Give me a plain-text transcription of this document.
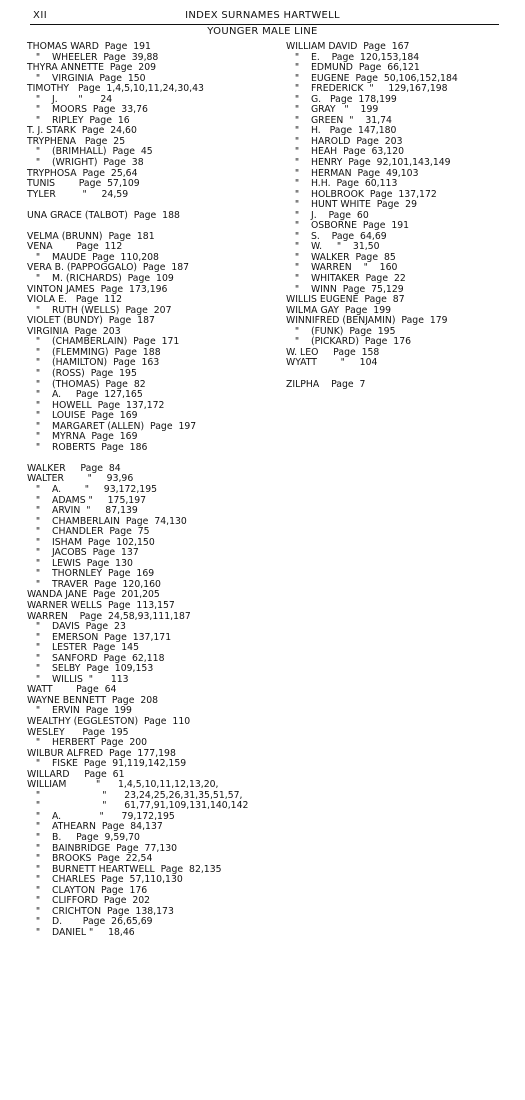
XII	INDEX SURNAMES HARTWELL
YOUNGER MALE LINE
THOMAS WARD  Page  191
"    WHEELER  Page  39,88
THYRA ANNETTE  Page  209
"    VIRGINIA  Page  150
TIMOTHY   Page  1,4,5,10,11,24,30,43
"    J.       "      24
"    MOORS  Page  33,76
"    RIPLEY  Page  16
T. J. STARK  Page  24,60
TRYPHENA   Page  25
"    (BRIMHALL)  Page  45
"    (WRIGHT)  Page  38
TRYPHOSA  Page  25,64
TUNIS        Page  57,109
TYLER         "     24,59
UNA GRACE (TALBOT)  Page  188
VELMA (BRUNN)  Page  181
VENA        Page  112
"    MAUDE  Page  110,208
VERA B. (PAPPOGGALO)  Page  187
"    M. (RICHARDS)  Page  109
VINTON JAMES  Page  173,196
VIOLA E.   Page  112
"    RUTH (WELLS)  Page  207
VIOLET (BUNDY)  Page  187
VIRGINIA  Page  203
"    (CHAMBERLAIN)  Page  171
"    (FLEMMING)  Page  188
"    (HAMILTON)  Page  163
"    (ROSS)  Page  195
"    (THOMAS)  Page  82
"    A.     Page  127,165
"    HOWELL  Page  137,172
"    LOUISE  Page  169
"    MARGARET (ALLEN)  Page  197
"    MYRNA  Page  169
"    ROBERTS  Page  186
WALKER     Page  84
WALTER        "     93,96
"    A.        "     93,172,195
"    ADAMS "     175,197
"    ARVIN  "     87,139
"    CHAMBERLAIN  Page  74,130
"    CHANDLER  Page  75
"    ISHAM  Page  102,150
"    JACOBS  Page  137
"    LEWIS  Page  130
"    THORNLEY  Page  169
"    TRAVER  Page  120,160
WANDA JANE  Page  201,205
WARNER WELLS  Page  113,157
WARREN    Page  24,58,93,111,187
"    DAVIS  Page  23
"    EMERSON  Page  137,171
"    LESTER  Page  145
"    SANFORD  Page  62,118
"    SELBY  Page  109,153
"    WILLIS  "      113
WATT        Page  64
WAYNE BENNETT  Page  208
"    ERVIN  Page  199
WEALTHY (EGGLESTON)  Page  110
WESLEY      Page  195
"    HERBERT  Page  200
WILBUR ALFRED  Page  177,198
"    FISKE  Page  91,119,142,159
WILLARD     Page  61
WILLIAM          "      1,4,5,10,11,12,13,20,
"                     "      23,24,25,26,31,35,51,57,
"                     "      61,77,91,109,131,140,142
"    A.             "      79,172,195
"    ATHEARN  Page  84,137
"    B.     Page  9,59,70
"    BAINBRIDGE  Page  77,130
"    BROOKS  Page  22,54
"    BURNETT HEARTWELL  Page  82,135
"    CHARLES  Page  57,110,130
"    CLAYTON  Page  176
"    CLIFFORD  Page  202
"    CRICHTON  Page  138,173
"    D.       Page  26,65,69
"    DANIEL "     18,46
WILLIAM DAVID  Page  167
"    E.    Page  120,153,184
"    EDMUND  Page  66,121
"    EUGENE  Page  50,106,152,184
"    FREDERICK  "     129,167,198
"    G.   Page  178,199
"    GRAY   "    199
"    GREEN  "    31,74
"    H.   Page  147,180
"    HAROLD  Page  203
"    HEAH  Page  63,120
"    HENRY  Page  92,101,143,149
"    HERMAN  Page  49,103
"    H.H.  Page  60,113
"    HOLBROOK  Page  137,172
"    HUNT WHITE  Page  29
"    J.    Page  60
"    OSBORNE  Page  191
"    S.    Page  64,69
"    W.     "    31,50
"    WALKER  Page  85
"    WARREN    "    160
"    WHITAKER  Page  22
"    WINN  Page  75,129
WILLIS EUGENE  Page  87
WILMA GAY  Page  199
WINNIFRED (BENJAMIN)  Page  179
"    (FUNK)  Page  195
"    (PICKARD)  Page  176
W. LEO     Page  158
WYATT        "     104
ZILPHA    Page  7
